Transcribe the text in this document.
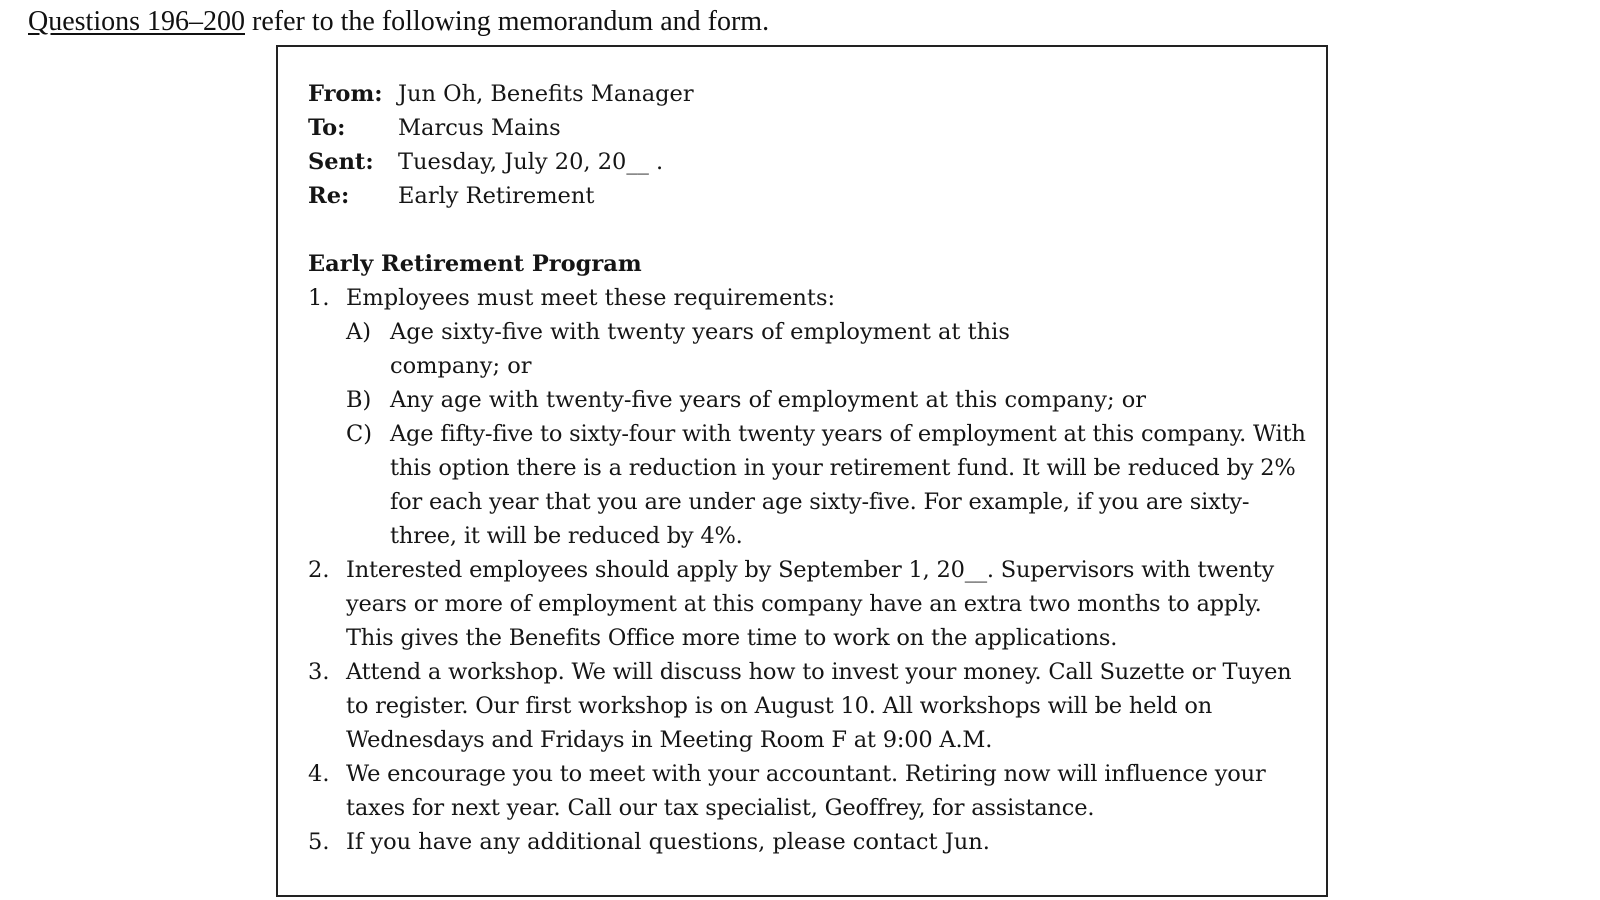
Questions 196–200 refer to the following memorandum and form.
From: Jun Oh, Benefits Manager
To:	Marcus Mains
Sent:	Tuesday, July 20, 20__ .
Re:	Early Retirement
Early Retirement Program
1. Employees must meet these requirements:
A) Age sixty-five with twenty years of employment at this company; or
B) Any age with twenty-five years of employment at this company; or
C) Age fifty-five to sixty-four with twenty years of employment at this company. With this option there is a reduction in your retirement fund. It will be reduced by 2% for each year that you are under age sixty-five. For example, if you are sixty-three, it will be reduced by 4%.
2. Interested employees should apply by September 1, 20__. Supervisors with twenty years or more of employment at this company have an extra two months to apply. This gives the Benefits Office more time to work on the applications.
3. Attend a workshop. We will discuss how to invest your money. Call Suzette or Tuyen to register. Our first workshop is on August 10. All workshops will be held on Wednesdays and Fridays in Meeting Room F at 9:00 A.M.
4. We encourage you to meet with your accountant. Retiring now will influence your taxes for next year. Call our tax specialist, Geoffrey, for assistance.
5. If you have any additional questions, please contact Jun.
